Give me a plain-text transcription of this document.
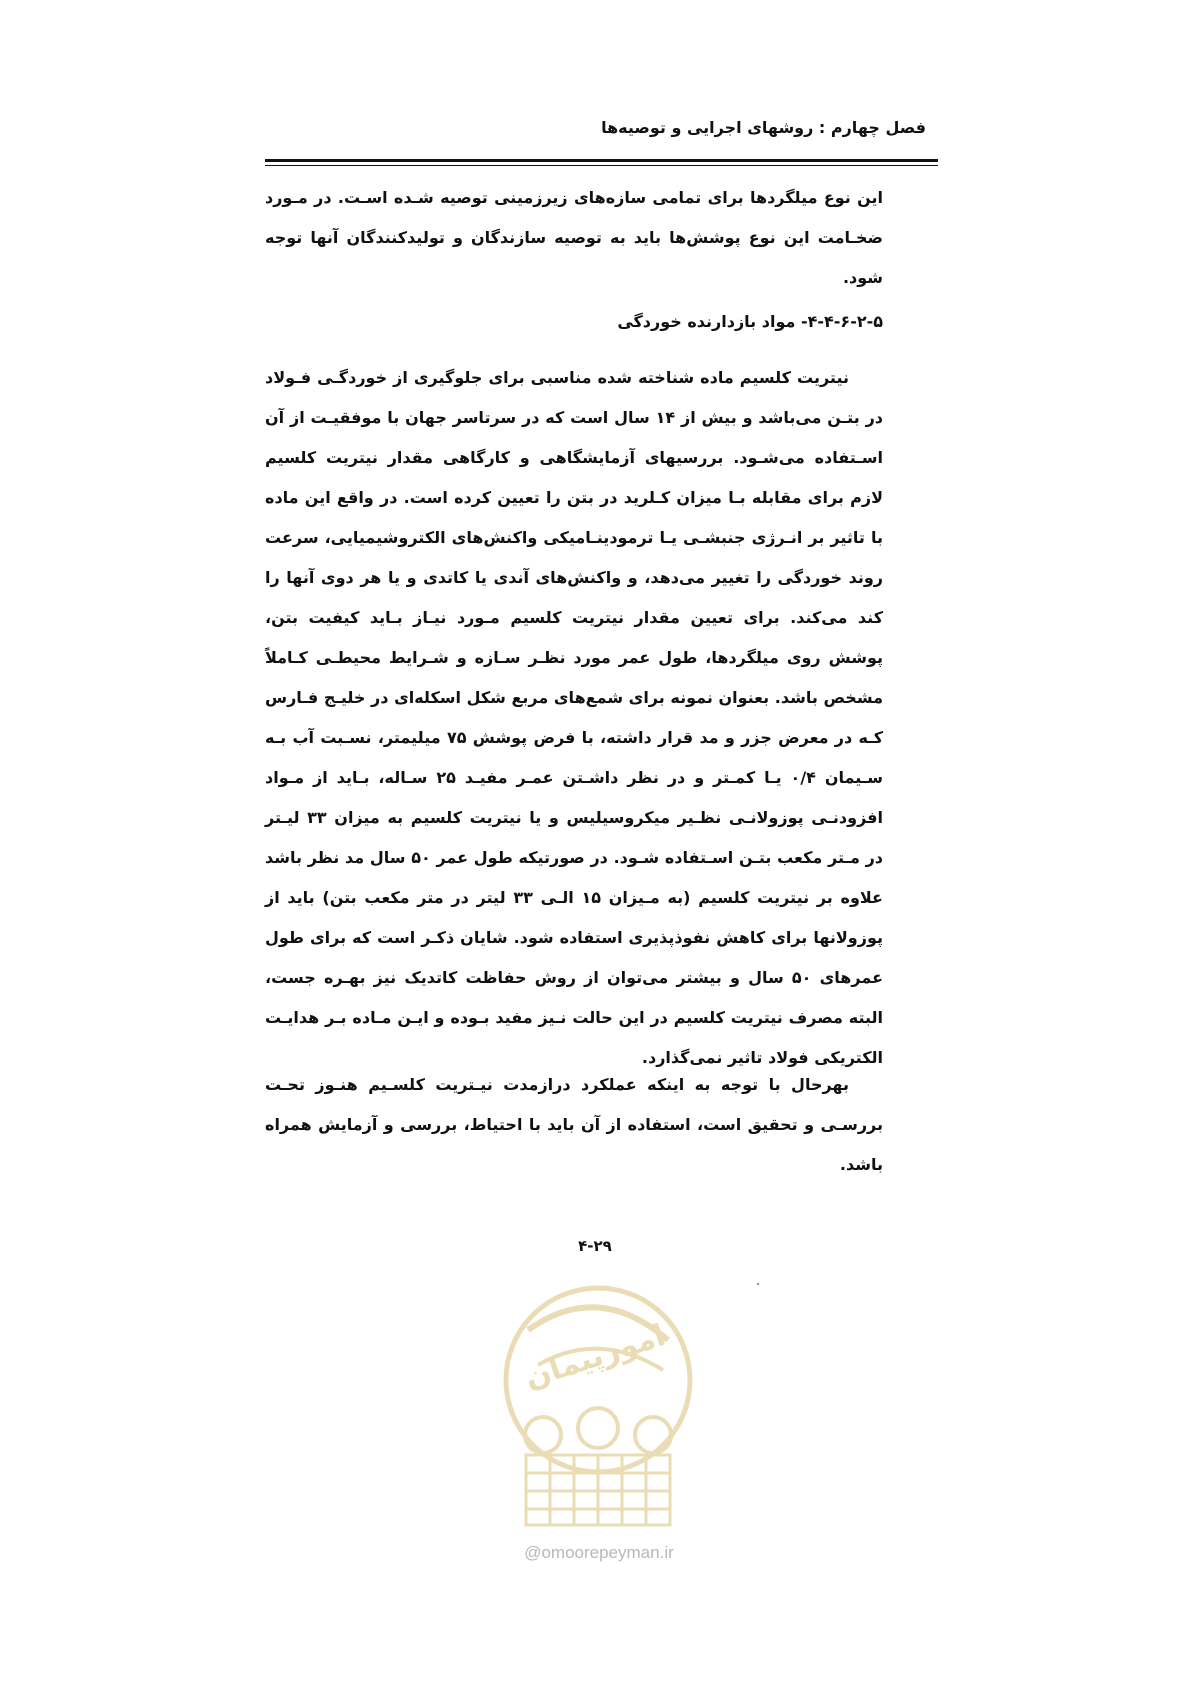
فصل چهارم : روشهای اجرایی و توصیه‌ها

این نوع میلگردها برای تمامی سازه‌های زیرزمینی توصیه شـده اسـت. در مـورد ضخـامت این نوع پوشش‌ها باید به توصیه سازندگان و تولیدکنندگان آنها توجه شود.

۴-۴-۶-۲-۵- مواد بازدارنده خوردگی

نیتریت کلسیم ماده شناخته شده مناسبی برای جلوگیری از خوردگـی فـولاد در بتـن می‌باشد و بیش از ۱۴ سال است که در سرتاسر جهان با موفقیـت از آن اسـتفاده می‌شـود. بررسیهای آزمایشگاهی و کارگاهی مقدار نیتریت کلسیم لازم برای مقابله بـا میزان کـلرید در بتن را تعیین کرده است. در واقع این ماده با تاثیر بر انـرژی جنبشـی یـا ترمودینـامیکی واکنش‌های الکتروشیمیایی، سرعت روند خوردگی را تغییر می‌دهد، و واکنش‌های آندی یا کاتدی و یا هر دوی آنها را کند می‌کند. برای تعیین مقدار نیتریت کلسیم مـورد نیـاز بـاید کیفیت بتن، پوشش روی میلگردها، طول عمر مورد نظـر سـازه و شـرایط محیطـی کـاملاً مشخص باشد. بعنوان نمونه برای شمع‌های مربع شکل اسکله‌ای در خلیـج فـارس کـه در معرض جزر و مد قرار داشته، با فرض پوشش ۷۵ میلیمتر، نسـبت آب بـه سـیمان ۰/۴ یـا کمـتر و در نظر داشـتن عمـر مفیـد ۲۵ سـاله، بـاید از مـواد افزودنـی پوزولانـی نظـیر میکروسیلیس و یا نیتریت کلسیم به میزان ۳۳ لیـتر در مـتر مکعب بتـن اسـتفاده شـود. در صورتیکه طول عمر ۵۰ سال مد نظر باشد علاوه بر نیتریت کلسیم (به مـیزان ۱۵ الـی ۳۳ لیتر در متر مکعب بتن) باید از پوزولانها برای کاهش نفوذپذیری استفاده شود. شایان ذکـر است که برای طول عمرهای ۵۰ سال و بیشتر می‌توان از روش حفاظت کاتدیک نیز بهـره جست، البته مصرف نیتریت کلسیم در این حالت نـیز مفید بـوده و ایـن مـاده بـر هدایـت الکتریکی فولاد تاثیر نمی‌گذارد.

بهرحال با توجه به اینکه عملکرد درازمدت نیـتریت کلسـیم هنـوز تحـت بررسـی و تحقیق است، استفاده از آن باید با احتیاط، بررسی و آزمایش همراه باشد.

۴-۲۹
امورپیمان
@omoorepeyman.ir
